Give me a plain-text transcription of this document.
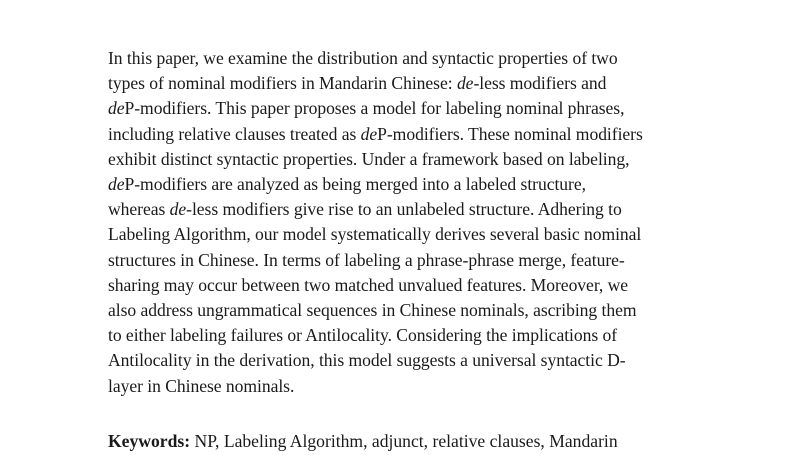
In this paper, we examine the distribution and syntactic properties of two
types of nominal modifiers in Mandarin Chinese: de-less modifiers and
deP-modifiers. This paper proposes a model for labeling nominal phrases,
including relative clauses treated as deP-modifiers. These nominal modifiers
exhibit distinct syntactic properties. Under a framework based on labeling,
deP-modifiers are analyzed as being merged into a labeled structure,
whereas de-less modifiers give rise to an unlabeled structure. Adhering to
Labeling Algorithm, our model systematically derives several basic nominal
structures in Chinese. In terms of labeling a phrase-phrase merge, feature-
sharing may occur between two matched unvalued features. Moreover, we
also address ungrammatical sequences in Chinese nominals, ascribing them
to either labeling failures or Antilocality. Considering the implications of
Antilocality in the derivation, this model suggests a universal syntactic D-
layer in Chinese nominals.

Keywords: NP, Labeling Algorithm, adjunct, relative clauses, Mandarin
